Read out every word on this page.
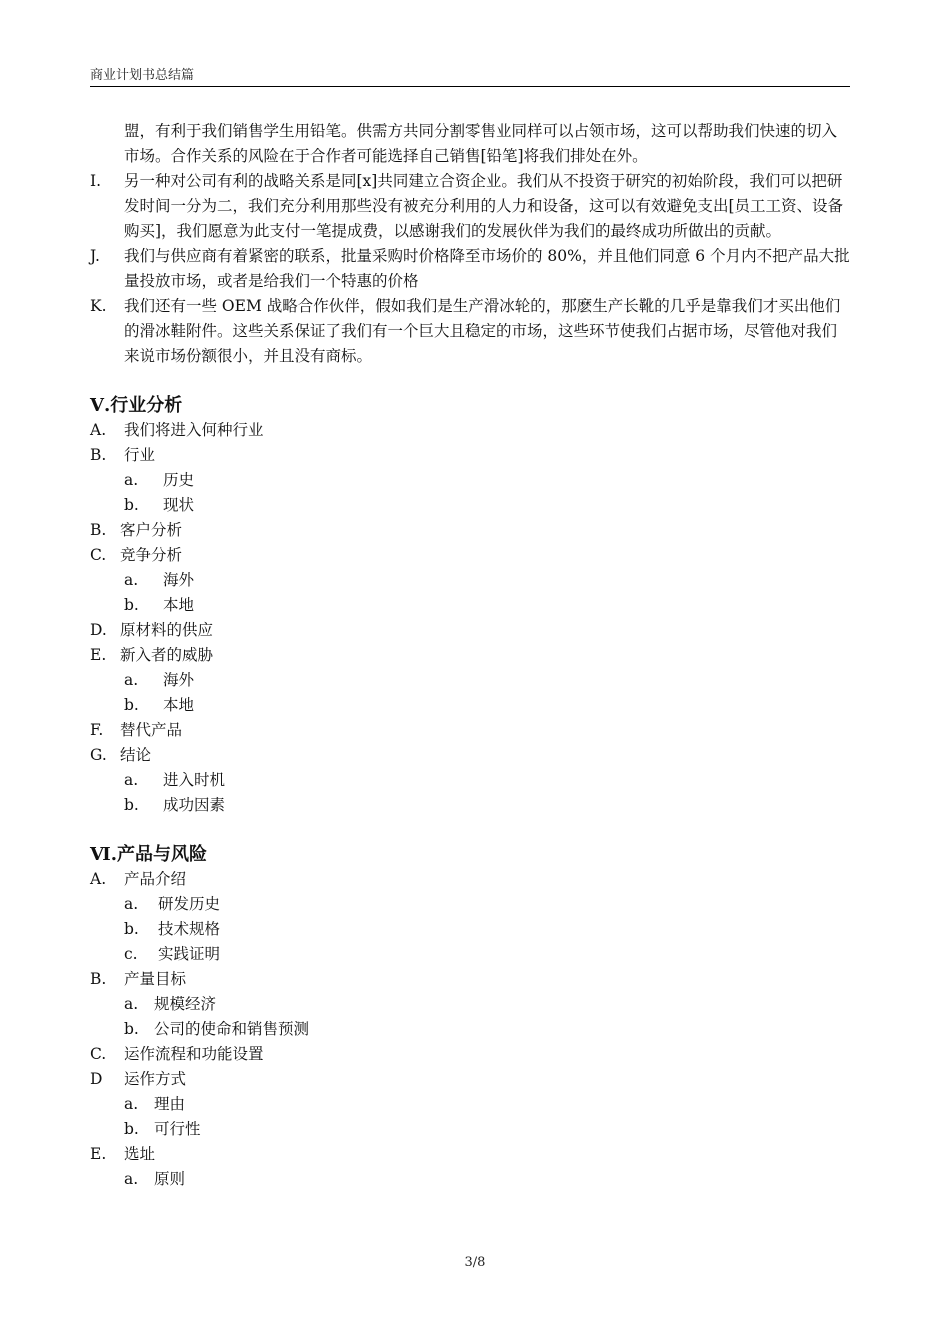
商业计划书总结篇

盟，有利于我们销售学生用铅笔。供需方共同分割零售业同样可以占领市场，这可以帮助我们快速的切入市场。合作关系的风险在于合作者可能选择自己销售[铅笔]将我们排处在外。

I. 另一种对公司有利的战略关系是同[x]共同建立合资企业。我们从不投资于研究的初始阶段，我们可以把研发时间一分为二，我们充分利用那些没有被充分利用的人力和设备，这可以有效避免支出[员工工资、设备购买]，我们愿意为此支付一笔提成费，以感谢我们的发展伙伴为我们的最终成功所做出的贡献。
J. 我们与供应商有着紧密的联系，批量采购时价格降至市场价的 80%，并且他们同意 6 个月内不把产品大批量投放市场，或者是给我们一个特惠的价格
K. 我们还有一些 OEM 战略合作伙伴，假如我们是生产滑冰轮的，那麽生产长靴的几乎是靠我们才买出他们的滑冰鞋附件。这些关系保证了我们有一个巨大且稳定的市场，这些环节使我们占据市场，尽管他对我们来说市场份额很小，并且没有商标。

Ⅴ.行业分析

A. 我们将进入何种行业
B. 行业
a. 历史
b. 现状
B. 客户分析
C. 竞争分析
a. 海外
b. 本地
D. 原材料的供应
E. 新入者的威胁
a. 海外
b. 本地
F. 替代产品
G. 结论
a. 进入时机
b. 成功因素

Ⅵ.产品与风险

A. 产品介绍
a. 研发历史
b. 技术规格
c. 实践证明
B. 产量目标
a. 规模经济
b. 公司的使命和销售预测
C. 运作流程和功能设置
D 运作方式
a. 理由
b. 可行性
E. 选址
a. 原则
3/8
